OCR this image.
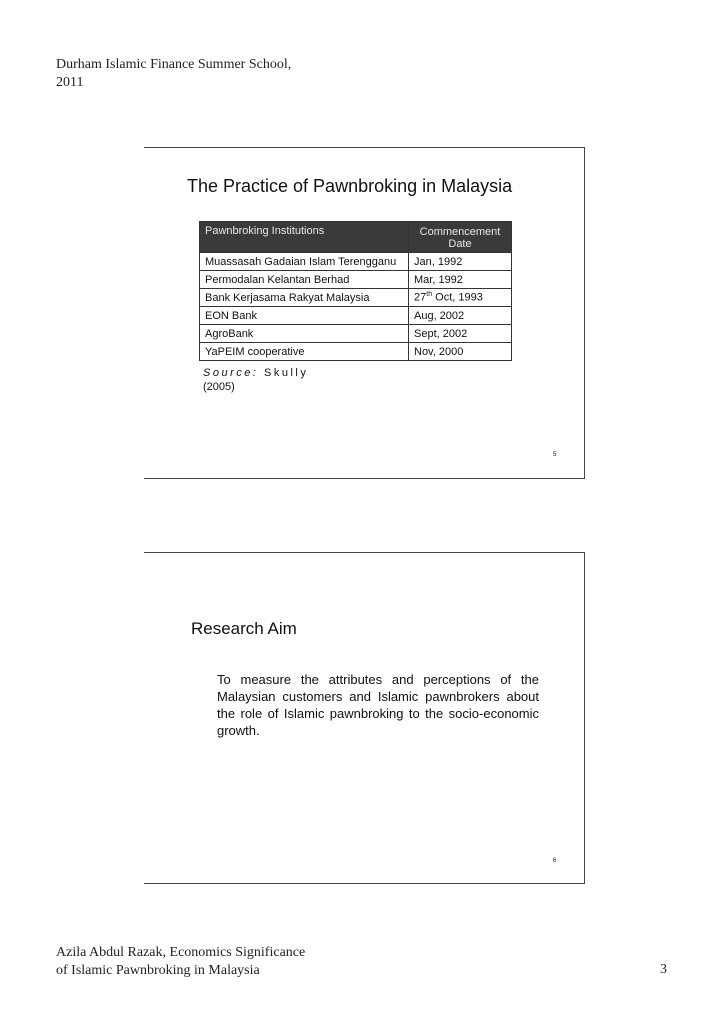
Durham Islamic Finance Summer School,
2011
The Practice of Pawnbroking in Malaysia
Pawnbroking Institutions	Commencement
Date
Muassasah Gadaian Islam Terengganu	Jan, 1992
Permodalan Kelantan Berhad	Mar, 1992
Bank Kerjasama Rakyat Malaysia	27th Oct, 1993
EON Bank	Aug, 2002
AgroBank	Sept, 2002
YaPEIM cooperative	Nov, 2000
Source: Skully
(2005)
5
Research Aim
To measure the attributes and perceptions of the Malaysian customers and Islamic pawnbrokers about the role of Islamic pawnbroking to the socio-economic growth.
6
Azila Abdul Razak, Economics Significance
of Islamic Pawnbroking in Malaysia	3
